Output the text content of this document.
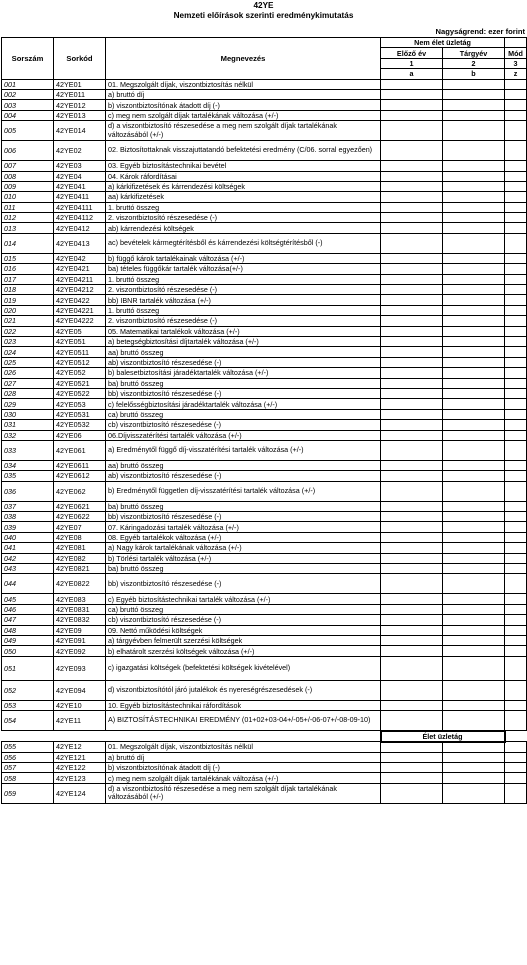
42YE
Nemzeti előírások szerinti eredménykimutatás
Nagyságrend: ezer forint
Sorszám	Sorkód	Megnevezés	Nem élet üzletág		
			Előző év	Tárgyév	Mód
			1	2	3
			a	b	z
001	42YE01	01. Megszolgált díjak, viszontbiztosítás nélkül			
002	42YE011	a) bruttó díj			
003	42YE012	b) viszontbiztosítónak átadott díj (-)			
004	42YE013	c) meg nem szolgált díjak tartalékának változása (+/-)			
005	42YE014	d) a viszontbiztosító részesedése a meg nem szolgált díjak tartalékának változásából (+/-)			
006	42YE02	02. Biztosítottaknak visszajuttatandó befektetési eredmény (C/06. sorral egyezően)			
007	42YE03	03. Egyéb biztosítástechnikai bevétel			
008	42YE04	04. Károk ráfordításai			
009	42YE041	a) kárkifizetések és kárrendezési költségek			
010	42YE0411	aa) kárkifizetések			
011	42YE04111	1. bruttó összeg			
012	42YE04112	2. viszontbiztosító részesedése (-)			
013	42YE0412	ab) kárrendezési költségek			
014	42YE0413	ac) bevételek kármegtérítésből és kárrendezési költségtérítésből (-)			
015	42YE042	b) függő károk tartalékainak változása (+/-)			
016	42YE0421	ba) tételes függőkár tartalék változása(+/-)			
017	42YE04211	1. bruttó összeg			
018	42YE04212	2. viszontbiztosító részesedése (-)			
019	42YE0422	bb) IBNR tartalék változása (+/-)			
020	42YE04221	1. bruttó összeg			
021	42YE04222	2. viszontbiztosító részesedése (-)			
022	42YE05	05. Matematikai tartalékok változása (+/-)			
023	42YE051	a) betegségbiztosítási díjtartalék változása (+/-)			
024	42YE0511	aa) bruttó összeg			
025	42YE0512	ab) viszontbiztosító részesedése (-)			
026	42YE052	b) balesetbiztosítási járadéktartalék változása (+/-)			
027	42YE0521	ba) bruttó összeg			
028	42YE0522	bb) viszontbiztosító részesedése (-)			
029	42YE053	c) felelősségbiztosítási járadéktartalék változása (+/-)			
030	42YE0531	ca) bruttó összeg			
031	42YE0532	cb) viszontbiztosító részesedése (-)			
032	42YE06	06.Díjvisszatérítési tartalék változása (+/-)			
033	42YE061	a) Eredménytől függő díj-visszatérítési tartalék változása (+/-)			
034	42YE0611	aa) bruttó összeg			
035	42YE0612	ab) viszontbiztosító részesedése (-)			
036	42YE062	b) Eredménytől független díj-visszatérítési tartalék változása (+/-)			
037	42YE0621	ba) bruttó összeg			
038	42YE0622	bb) viszontbiztosító részesedése (-)			
039	42YE07	07. Káringadozási tartalék változása (+/-)			
040	42YE08	08. Egyéb tartalékok változása (+/-)			
041	42YE081	a) Nagy károk tartalékának változása (+/-)			
042	42YE082	b) Törlési tartalék változása (+/-)			
043	42YE0821	ba) bruttó összeg			
044	42YE0822	bb) viszontbiztosító részesedése (-)			
045	42YE083	c) Egyéb biztosítástechnikai tartalék változása (+/-)			
046	42YE0831	ca) bruttó összeg			
047	42YE0832	cb) viszontbiztosító részesedése (-)			
048	42YE09	09. Nettó működési költségek			
049	42YE091	a) tárgyévben felmerült szerzési költségek			
050	42YE092	b) elhatárolt szerzési költségek változása (+/-)			
051	42YE093	c) igazgatási költségek (befektetési költségek kivételével)			
052	42YE094	d) viszontbiztosítótól járó jutalékok és nyereségrészesedések (-)			
053	42YE10	10. Egyéb biztosítástechnikai ráfordítások			
054	42YE11	A) BIZTOSÍTÁSTECHNIKAI EREDMÉNY (01+02+03-04+/-05+/-06-07+/-08-09-10)			
			Élet üzletág		
055	42YE12	01. Megszolgált díjak, viszontbiztosítás nélkül			
056	42YE121	a) bruttó díj			
057	42YE122	b) viszontbiztosítónak átadott díj (-)			
058	42YE123	c) meg nem szolgált díjak tartalékának változása (+/-)			
059	42YE124	d) a viszontbiztosító részesedése a meg nem szolgált díjak tartalékának változásából (+/-)			
